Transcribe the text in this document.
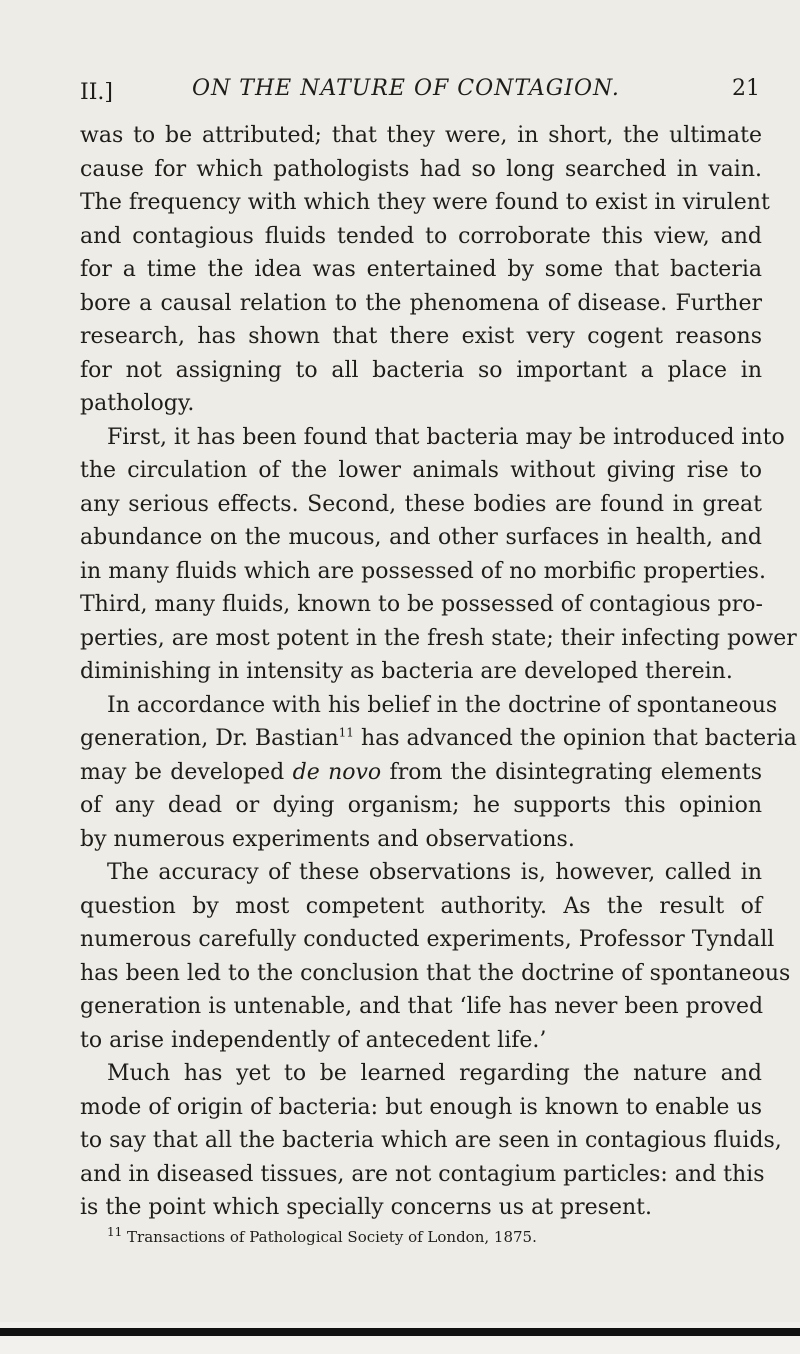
II.]	ON THE NATURE OF CONTAGION.	21
was to be attributed; that they were, in short, the ultimate
cause for which pathologists had so long searched in vain.
The frequency with which they were found to exist in virulent
and contagious fluids tended to corroborate this view, and
for a time the idea was entertained by some that bacteria
bore a causal relation to the phenomena of disease. Further
research, has shown that there exist very cogent reasons
for not assigning to all bacteria so important a place in
pathology.
First, it has been found that bacteria may be introduced into
the circulation of the lower animals without giving rise to
any serious effects. Second, these bodies are found in great
abundance on the mucous, and other surfaces in health, and
in many fluids which are possessed of no morbific properties.
Third, many fluids, known to be possessed of contagious pro-
perties, are most potent in the fresh state; their infecting power
diminishing in intensity as bacteria are developed therein.
In accordance with his belief in the doctrine of spontaneous
generation, Dr. Bastian$^{11}$ has advanced the opinion that bacteria
may be developed de novo from the disintegrating elements
of any dead or dying organism; he supports this opinion
by numerous experiments and observations.
The accuracy of these observations is, however, called in
question by most competent authority. As the result of
numerous carefully conducted experiments, Professor Tyndall
has been led to the conclusion that the doctrine of spontaneous
generation is untenable, and that ‘life has never been proved
to arise independently of antecedent life.’
Much has yet to be learned regarding the nature and
mode of origin of bacteria: but enough is known to enable us
to say that all the bacteria which are seen in contagious fluids,
and in diseased tissues, are not contagium particles: and this
is the point which specially concerns us at present.
$^{11}$ Transactions of Pathological Society of London, 1875.
